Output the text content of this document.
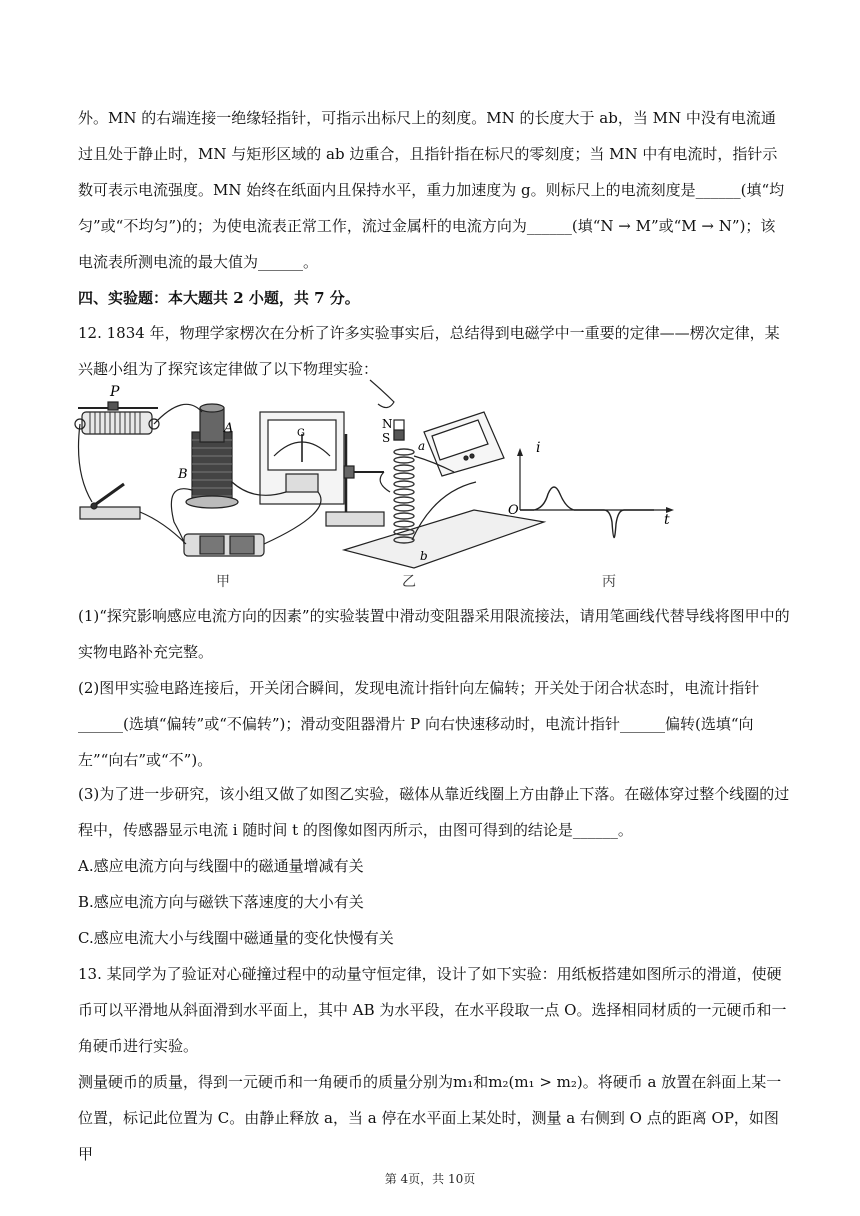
外。MN 的右端连接一绝缘轻指针，可指示出标尺上的刻度。MN 的长度大于 ab，当 MN 中没有电流通过且处于静止时，MN 与矩形区域的 ab 边重合，且指针指在标尺的零刻度；当 MN 中有电流时，指针示数可表示电流强度。MN 始终在纸面内且保持水平，重力加速度为 g。则标尺上的电流刻度是______(填“均匀”或“不均匀”)的；为使电流表正常工作，流过金属杆的电流方向为______(填“N → M”或“M → N”)；该电流表所测电流的最大值为______。

四、实验题：本大题共 2 小题，共 7 分。

12. 1834 年，物理学家楞次在分析了许多实验事实后，总结得到电磁学中一重要的定律——楞次定律，某兴趣小组为了探究该定律做了以下物理实验：

P
A
B
G
N
S
a
b
i
t
O
甲	乙	丙

(1)“探究影响感应电流方向的因素”的实验装置中滑动变阻器采用限流接法，请用笔画线代替导线将图甲中的实物电路补充完整。

(2)图甲实验电路连接后，开关闭合瞬间，发现电流计指针向左偏转；开关处于闭合状态时，电流计指针______(选填“偏转”或“不偏转”)；滑动变阻器滑片 P 向右快速移动时，电流计指针______偏转(选填“向左”“向右”或“不”)。

(3)为了进一步研究，该小组又做了如图乙实验，磁体从靠近线圈上方由静止下落。在磁体穿过整个线圈的过程中，传感器显示电流 i 随时间 t 的图像如图丙所示，由图可得到的结论是______。

A.感应电流方向与线圈中的磁通量增减有关

B.感应电流方向与磁铁下落速度的大小有关

C.感应电流大小与线圈中磁通量的变化快慢有关

13. 某同学为了验证对心碰撞过程中的动量守恒定律，设计了如下实验：用纸板搭建如图所示的滑道，使硬币可以平滑地从斜面滑到水平面上，其中 AB 为水平段，在水平段取一点 O。选择相同材质的一元硬币和一角硬币进行实验。

测量硬币的质量，得到一元硬币和一角硬币的质量分别为m₁和m₂(m₁ > m₂)。将硬币 a 放置在斜面上某一位置，标记此位置为 C。由静止释放 a，当 a 停在水平面上某处时，测量 a 右侧到 O 点的距离 OP，如图甲

第 4页，共 10页
